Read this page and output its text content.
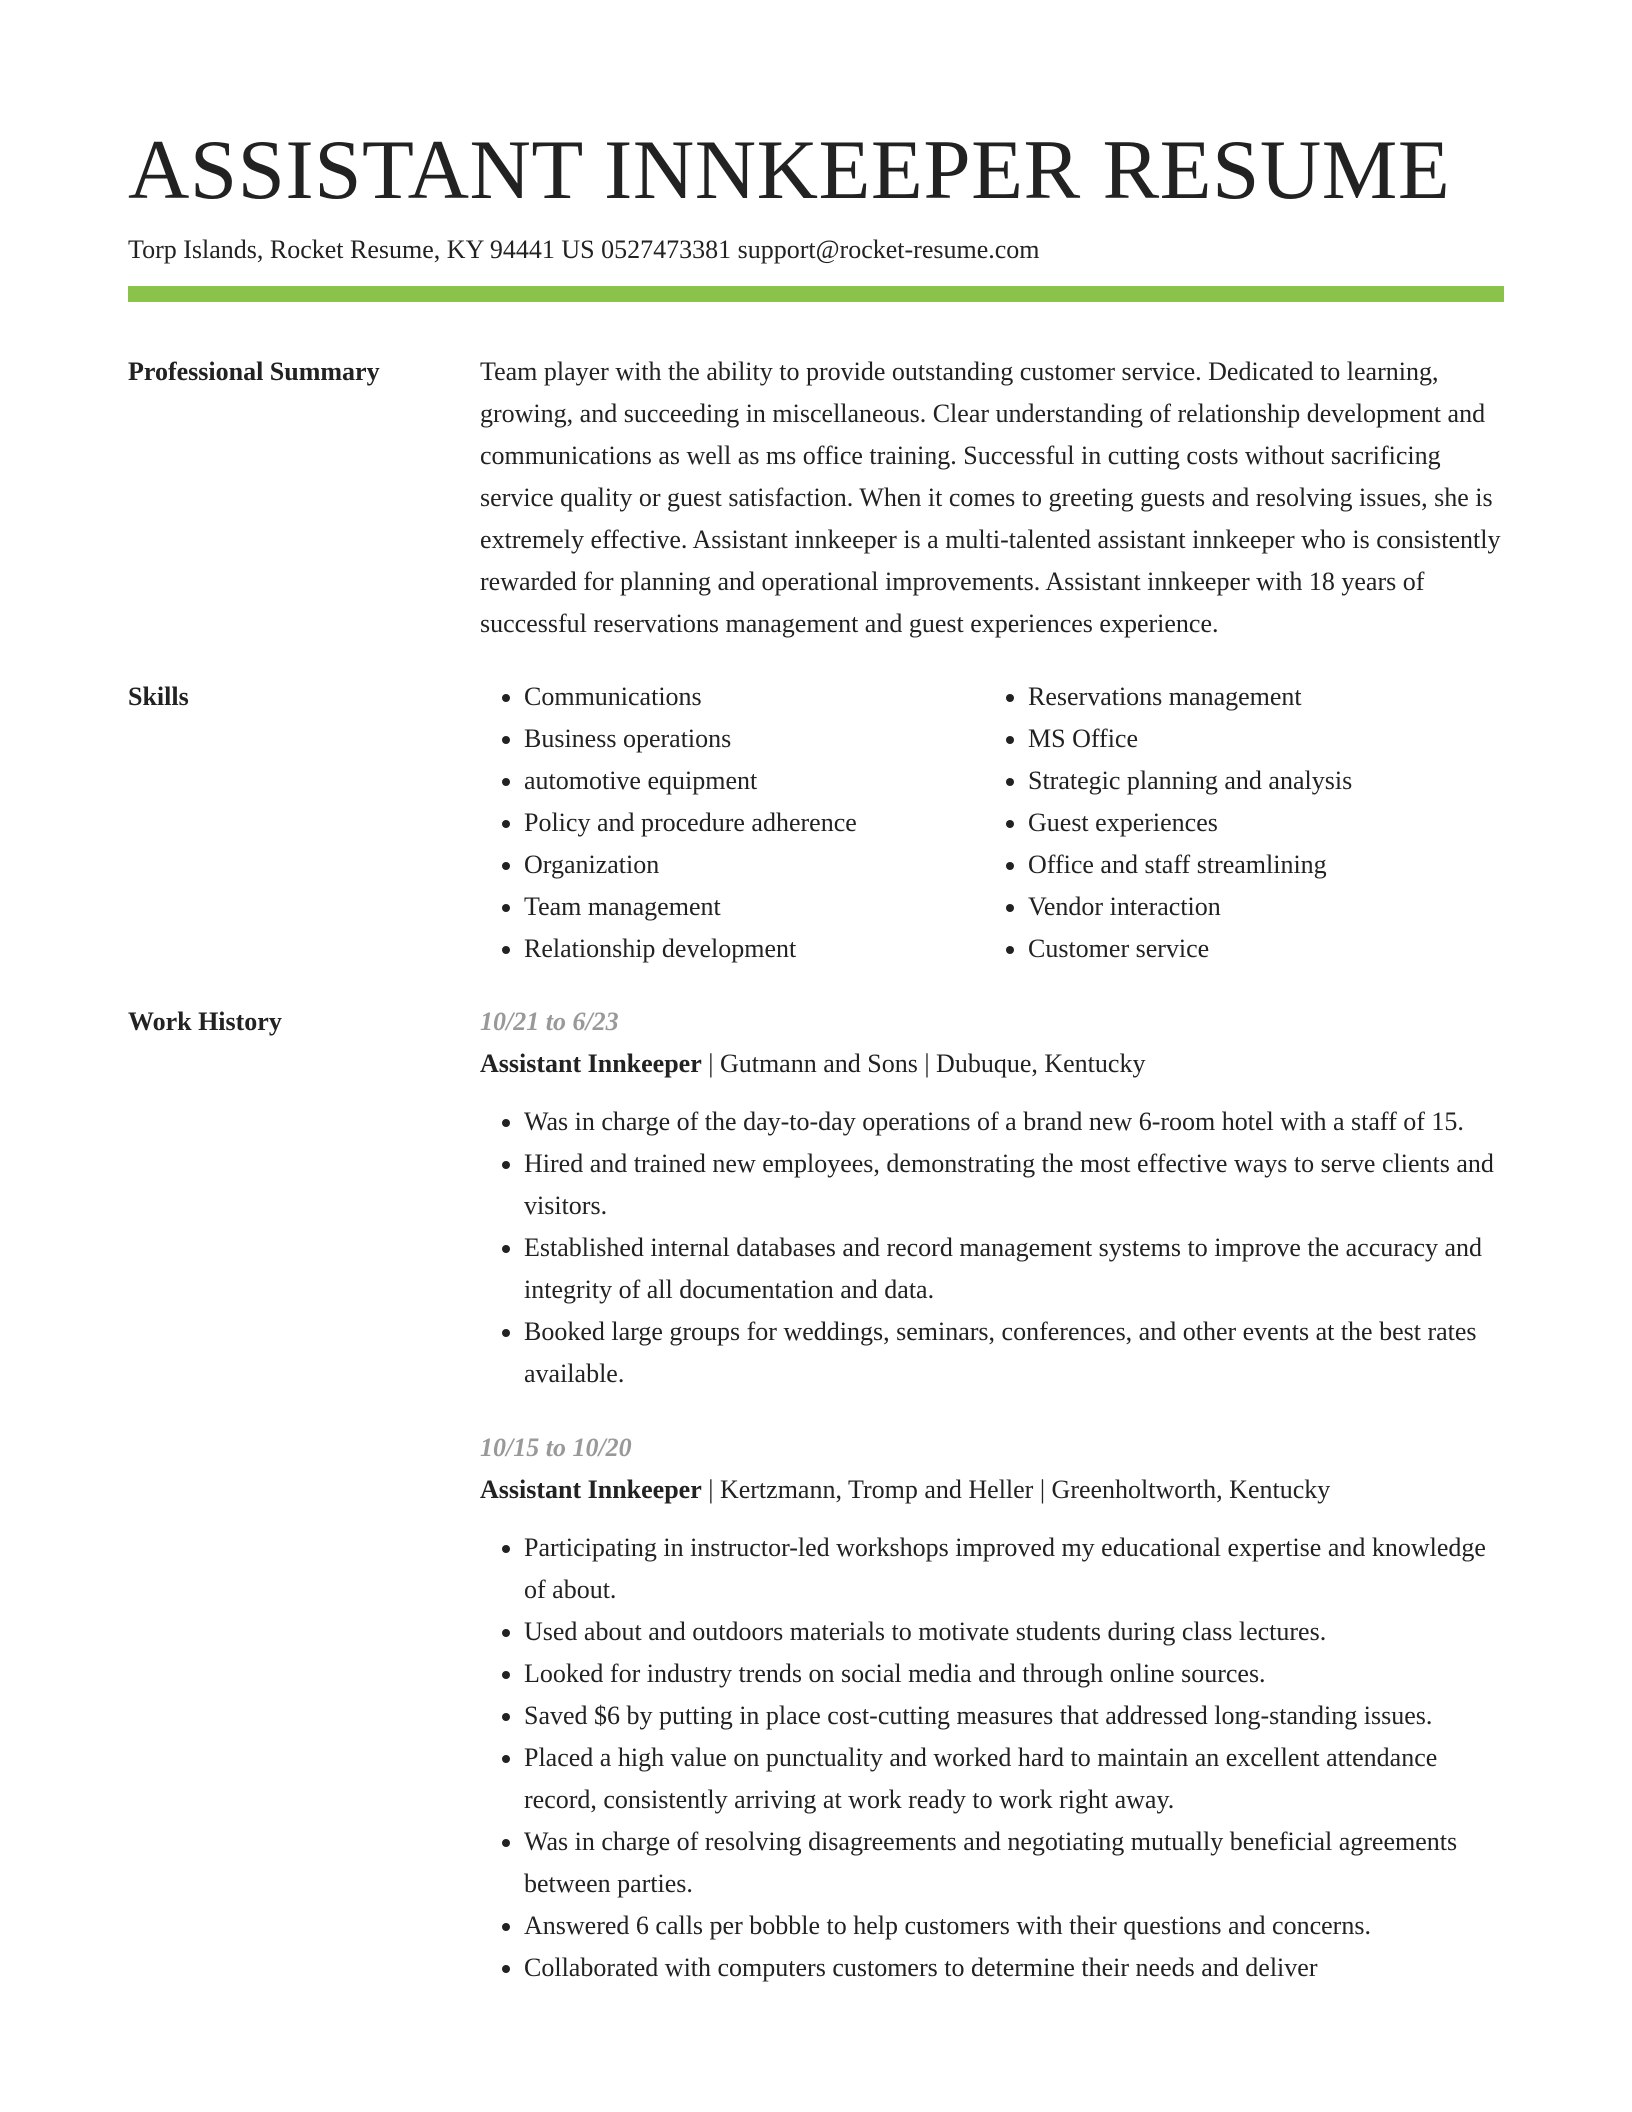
ASSISTANT INNKEEPER RESUME
Torp Islands, Rocket Resume, KY 94441 US 0527473381 support@rocket-resume.com
Professional Summary	Team player with the ability to provide outstanding customer service. Dedicated to learning, growing, and succeeding in miscellaneous. Clear understanding of relationship development and communications as well as ms office training. Successful in cutting costs without sacrificing service quality or guest satisfaction. When it comes to greeting guests and resolving issues, she is extremely effective. Assistant innkeeper is a multi-talented assistant innkeeper who is consistently rewarded for planning and operational improvements. Assistant innkeeper with 18 years of successful reservations management and guest experiences experience.
Skills
•	Communications
• Business operations
• automotive equipment
• Policy and procedure adherence
• Organization
• Team management
• Relationship development
• Reservations management
• MS Office
• Strategic planning and analysis
• Guest experiences
• Office and staff streamlining
• Vendor interaction
• Customer service
Work History	10/21 to 6/23
Assistant Innkeeper | Gutmann and Sons | Dubuque, Kentucky
• Was in charge of the day-to-day operations of a brand new 6-room hotel with a staff of 15.
• Hired and trained new employees, demonstrating the most effective ways to serve clients and visitors.
• Established internal databases and record management systems to improve the accuracy and integrity of all documentation and data.
• Booked large groups for weddings, seminars, conferences, and other events at the best rates available.
10/15 to 10/20
Assistant Innkeeper | Kertzmann, Tromp and Heller | Greenholtworth, Kentucky
• Participating in instructor-led workshops improved my educational expertise and knowledge of about.
• Used about and outdoors materials to motivate students during class lectures.
• Looked for industry trends on social media and through online sources.
• Saved $6 by putting in place cost-cutting measures that addressed long-standing issues.
• Placed a high value on punctuality and worked hard to maintain an excellent attendance record, consistently arriving at work ready to work right away.
• Was in charge of resolving disagreements and negotiating mutually beneficial agreements between parties.
• Answered 6 calls per bobble to help customers with their questions and concerns.
• Collaborated with computers customers to determine their needs and deliver
